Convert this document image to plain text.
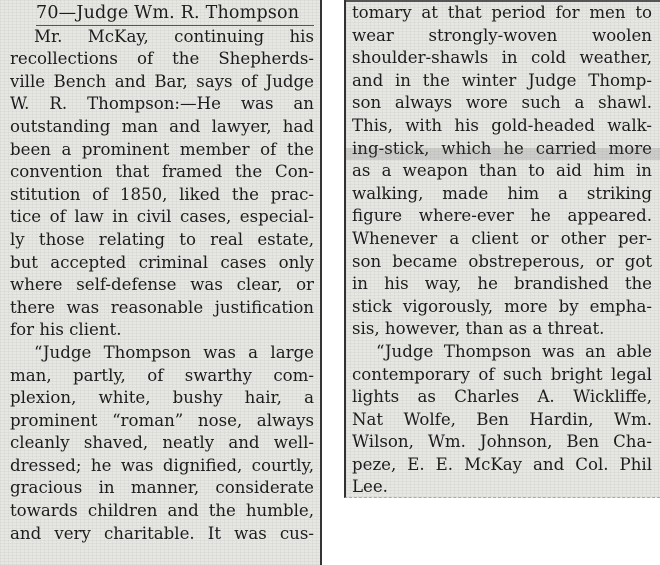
70—Judge Wm. R. Thompson
Mr. McKay, continuing his
recollections of the Shepherds-
ville Bench and Bar, says of Judge
W. R. Thompson:—He was an
outstanding man and lawyer, had
been a prominent member of the
convention that framed the Con-
stitution of 1850, liked the prac-
tice of law in civil cases, especial-
ly those relating to real estate,
but accepted criminal cases only
where self-defense was clear, or
there was reasonable justification
for his client.
“Judge Thompson was a large
man, partly, of swarthy com-
plexion, white, bushy hair, a
prominent “roman” nose, always
cleanly shaved, neatly and well-
dressed; he was dignified, courtly,
gracious in manner, considerate
towards children and the humble,
and very charitable. It was cus-
tomary at that period for men to
wear strongly-woven woolen
shoulder-shawls in cold weather,
and in the winter Judge Thomp-
son always wore such a shawl.
This, with his gold-headed walk-
ing-stick, which he carried more
as a weapon than to aid him in
walking, made him a striking
figure where-ever he appeared.
Whenever a client or other per-
son became obstreperous, or got
in his way, he brandished the
stick vigorously, more by empha-
sis, however, than as a threat.
“Judge Thompson was an able
contemporary of such bright legal
lights as Charles A. Wickliffe,
Nat Wolfe, Ben Hardin, Wm.
Wilson, Wm. Johnson, Ben Cha-
peze, E. E. McKay and Col. Phil
Lee.
